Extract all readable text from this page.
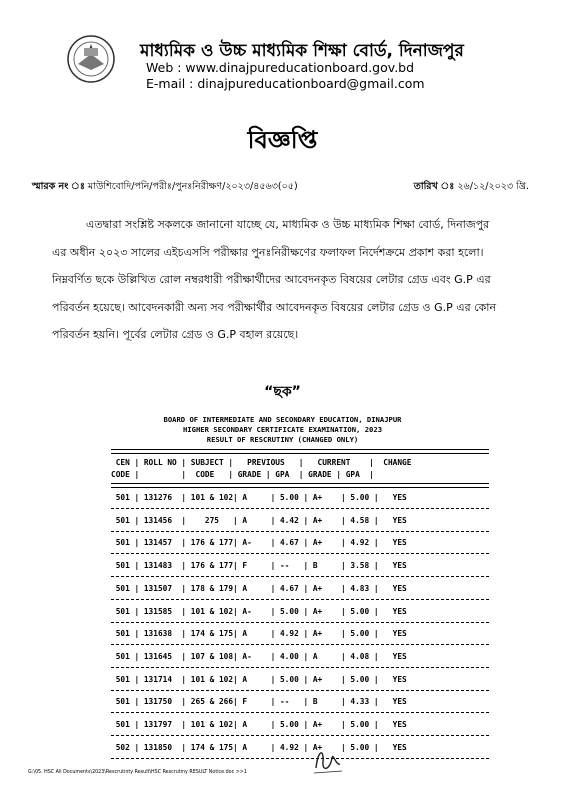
মাধ্যমিক ও উচ্চ মাধ্যমিক শিক্ষা বোর্ড, দিনাজপুর
Web : www.dinajpureducationboard.gov.bd
E-mail : dinajpureducationboard@gmail.com
বিজ্ঞপ্তি
স্মারক নং ঃ মাউশিবোদি/পনি/পরীঃ/পুনঃনিরীক্ষণ/২০২৩/৪৫৬৩(০৫)	তারিখ ঃ ২৬/১২/২০২৩ খ্রি.
এতদ্বারা সংশ্লিষ্ট সকলকে জানানো যাচ্ছে যে, মাধ্যমিক ও উচ্চ মাধ্যমিক শিক্ষা বোর্ড, দিনাজপুর
এর অধীন ২০২৩ সালের এইচএসসি পরীক্ষার পুনঃনিরীক্ষণের ফলাফল নির্দেশক্রমে প্রকাশ করা হলো।
নিম্নবর্ণিত ছকে উল্লিখিত রোল নম্বরধারী পরীক্ষার্থীদের আবেদনকৃত বিষয়ের লেটার গ্রেড এবং G.P এর
পরিবর্তন হয়েছে। আবেদনকারী অন্য সব পরীক্ষার্থীর আবেদনকৃত বিষয়ের লেটার গ্রেড ও G.P এর কোন
পরিবর্তন হয়নি। পূর্বের লেটার গ্রেড ও G.P বহাল রয়েছে।
“ছক”
BOARD OF INTERMEDIATE AND SECONDARY EDUCATION, DINAJPUR
HIGHER SECONDARY CERTIFICATE EXAMINATION, 2023
RESULT OF RESCRUTINY (CHANGED ONLY)
CEN | ROLL NO | SUBJECT |   PREVIOUS   |   CURRENT    |  CHANGE
CODE |         |  CODE   | GRADE | GPA  | GRADE | GPA  |
501 | 131276  | 101 & 102| A     | 5.00 | A+    | 5.00 |   YES
501 | 131456  |    275   | A     | 4.42 | A+    | 4.58 |   YES
501 | 131457  | 176 & 177| A-    | 4.67 | A+    | 4.92 |   YES
501 | 131483  | 176 & 177| F     | --   | B     | 3.58 |   YES
501 | 131507  | 178 & 179| A     | 4.67 | A+    | 4.83 |   YES
501 | 131585  | 101 & 102| A-    | 5.00 | A+    | 5.00 |   YES
501 | 131638  | 174 & 175| A     | 4.92 | A+    | 5.00 |   YES
501 | 131645  | 107 & 108| A-    | 4.00 | A     | 4.08 |   YES
501 | 131714  | 101 & 102| A     | 5.00 | A+    | 5.00 |   YES
501 | 131750  | 265 & 266| F     | --   | B     | 4.33 |   YES
501 | 131797  | 101 & 102| A     | 5.00 | A+    | 5.00 |   YES
502 | 131850  | 174 & 175| A     | 4.92 | A+    | 5.00 |   YES
G:\05. HSC All Documents\2023\Rescrutinty Result\HSC Rescrutiny RESULT Notice.doc >>1
